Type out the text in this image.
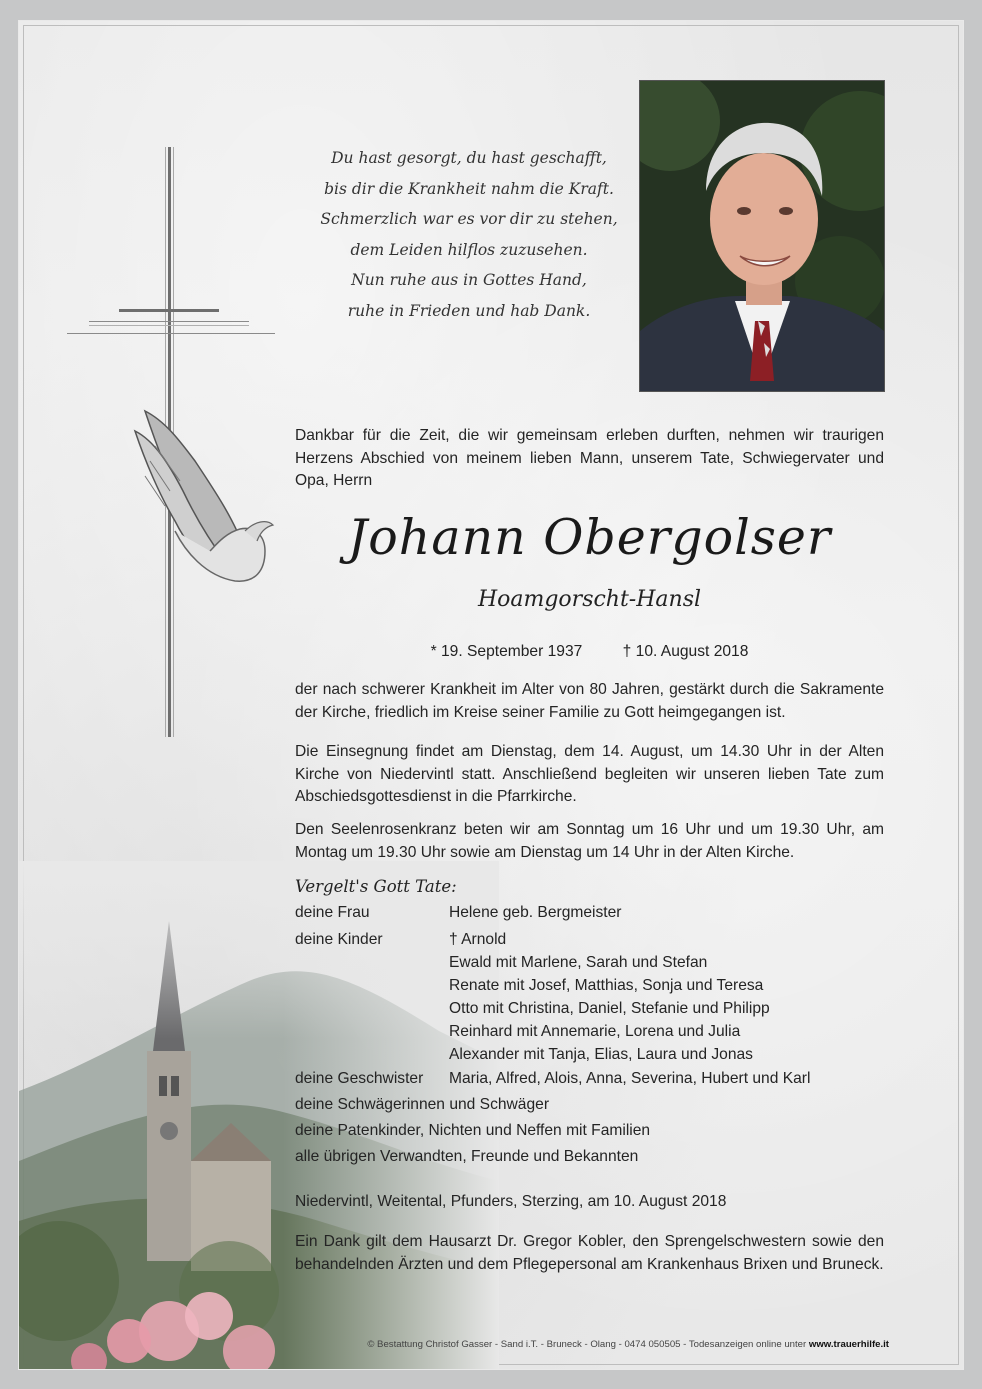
Du hast gesorgt, du hast geschafft,
bis dir die Krankheit nahm die Kraft.
Schmerzlich war es vor dir zu stehen,
dem Leiden hilflos zuzusehen.
Nun ruhe aus in Gottes Hand,
ruhe in Frieden und hab Dank.
Dankbar für die Zeit, die wir gemeinsam erleben durften, nehmen wir traurigen Herzens Abschied von meinem lieben Mann, unserem Tate, Schwiegervater und Opa, Herrn
Johann Obergolser
Hoamgorscht-Hansl
* 19. September 1937	† 10. August 2018
der nach schwerer Krankheit im Alter von 80 Jahren, gestärkt durch die Sakramente der Kirche, friedlich im Kreise seiner Familie zu Gott heimgegangen ist.
Die Einsegnung findet am Dienstag, dem 14. August, um 14.30 Uhr in der Alten Kirche von Niedervintl statt. Anschließend begleiten wir unseren lieben Tate zum Abschiedsgottesdienst in die Pfarrkirche.
Den Seelenrosenkranz beten wir am Sonntag um 16 Uhr und um 19.30 Uhr, am Montag um 19.30 Uhr sowie am Dienstag um 14 Uhr in der Alten Kirche.
Vergelt's Gott Tate:
deine Frau	Helene geb. Bergmeister
deine Kinder	† Arnold
Ewald mit Marlene, Sarah und Stefan
Renate mit Josef, Matthias, Sonja und Teresa
Otto mit Christina, Daniel, Stefanie und Philipp
Reinhard mit Annemarie, Lorena und Julia
Alexander mit Tanja, Elias, Laura und Jonas
deine Geschwister Maria, Alfred, Alois, Anna, Severina, Hubert und Karl
deine Schwägerinnen und Schwäger
deine Patenkinder, Nichten und Neffen mit Familien
alle übrigen Verwandten, Freunde und Bekannten
Niedervintl, Weitental, Pfunders, Sterzing, am 10. August 2018
Ein Dank gilt dem Hausarzt Dr. Gregor Kobler, den Sprengelschwestern sowie den behandelnden Ärzten und dem Pflegepersonal am Krankenhaus Brixen und Bruneck.
© Bestattung Christof Gasser - Sand i.T. - Bruneck - Olang - 0474 050505 - Todesanzeigen online unter www.trauerhilfe.it
